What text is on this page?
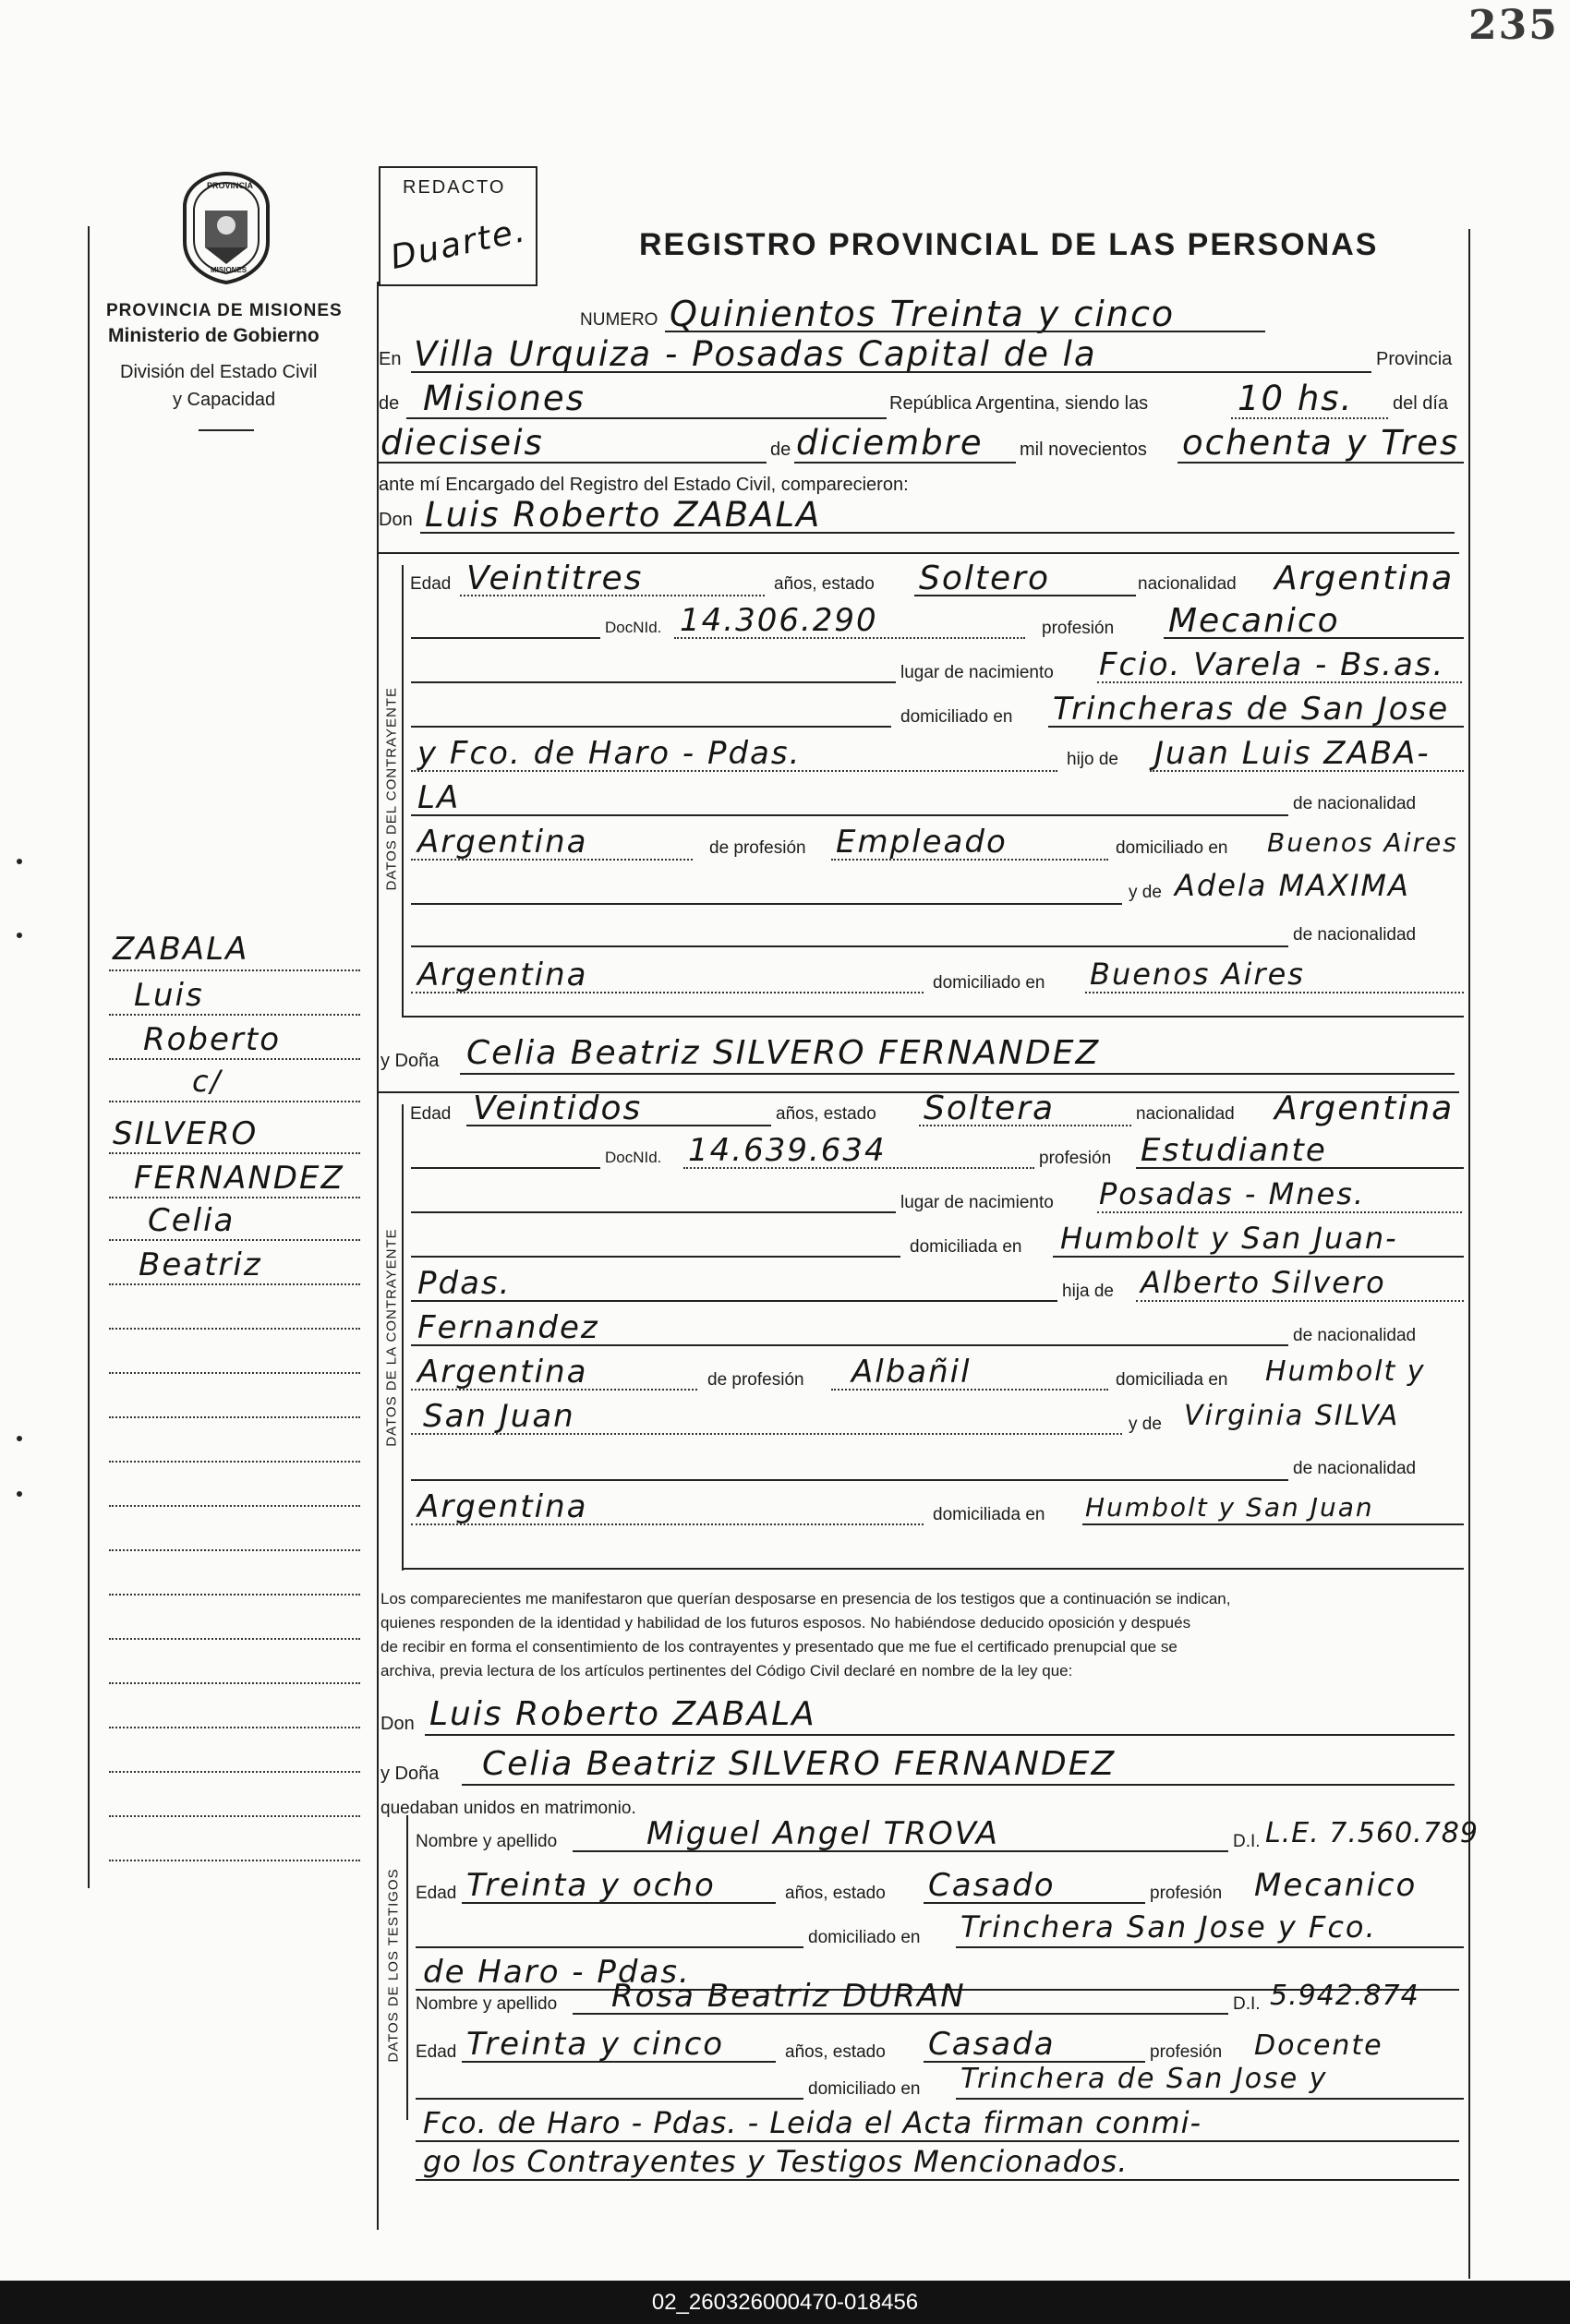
235
PROVINCIA
MISIONES
PROVINCIA DE MISIONES
Ministerio de Gobierno
División del Estado Civil
y Capacidad
REDACTO
Duarte.	REGISTRO PROVINCIAL DE LAS PERSONAS
NUMERO Quinientos Treinta y cinco
En Villa Urquiza - Posadas Capital de la	Provincia
de Misiones	República Argentina, siendo las	10 hs. del día
dieciseis	de diciembre mil novecientos ochenta y Tres
ante mí Encargado del Registro del Estado Civil, comparecieron:
Don Luis Roberto ZABALA
DATOS DEL CONTRAYENTE
Edad Veintitres	años, estado Soltero	nacionalidad Argentina
DocNId. 14.306.290	profesión Mecanico
lugar de nacimiento Fcio. Varela - Bs.as.
domiciliado en Trincheras de San Jose
y Fco. de Haro - Pdas.	hijo de Juan Luis ZABA-
LA	de nacionalidad
Argentina	de profesión Empleado	domiciliado en Buenos Aires
y de Adela MAXIMA
de nacionalidad
Argentina	domiciliado en Buenos Aires
y Doña Celia Beatriz SILVERO FERNANDEZ
DATOS DE LA CONTRAYENTE
Edad Veintidos	años, estado Soltera	nacionalidad Argentina
DocNId. 14.639.634	profesión Estudiante
lugar de nacimiento Posadas - Mnes.
domiciliada en Humbolt y San Juan-
Pdas.	hija de Alberto Silvero
Fernandez	de nacionalidad
Argentina	de profesión Albañil	domiciliada en Humbolt y
San Juan	y de Virginia SILVA
de nacionalidad
Argentina	domiciliada en Humbolt y San Juan
ZABALA
Luis
Roberto
c/
SILVERO
FERNANDEZ
Celia
Beatriz
Los comparecientes me manifestaron que querían desposarse en presencia de los testigos que a continuación se indican,
quienes responden de la identidad y habilidad de los futuros esposos. No habiéndose deducido oposición y después
de recibir en forma el consentimiento de los contrayentes y presentado que me fue el certificado prenupcial que se
archiva, previa lectura de los artículos pertinentes del Código Civil declaré en nombre de la ley que:
Don Luis Roberto ZABALA
y Doña Celia Beatriz SILVERO FERNANDEZ
quedaban unidos en matrimonio.
DATOS DE LOS TESTIGOS
Nombre y apellido	Miguel Angel TROVA	D.I. L.E. 7.560.789
Edad Treinta y ocho	años, estado Casado	profesión Mecanico
domiciliado en Trinchera San Jose y Fco.
de Haro - Pdas.
Nombre y apellido Rosa Beatriz DURAN	D.I. 5.942.874
Edad Treinta y cinco	años, estado Casada	profesión Docente
domiciliado en Trinchera de San Jose y
Fco. de Haro - Pdas. - Leida el Acta firman conmi-
go los Contrayentes y Testigos Mencionados.
02_260326000470-018456
